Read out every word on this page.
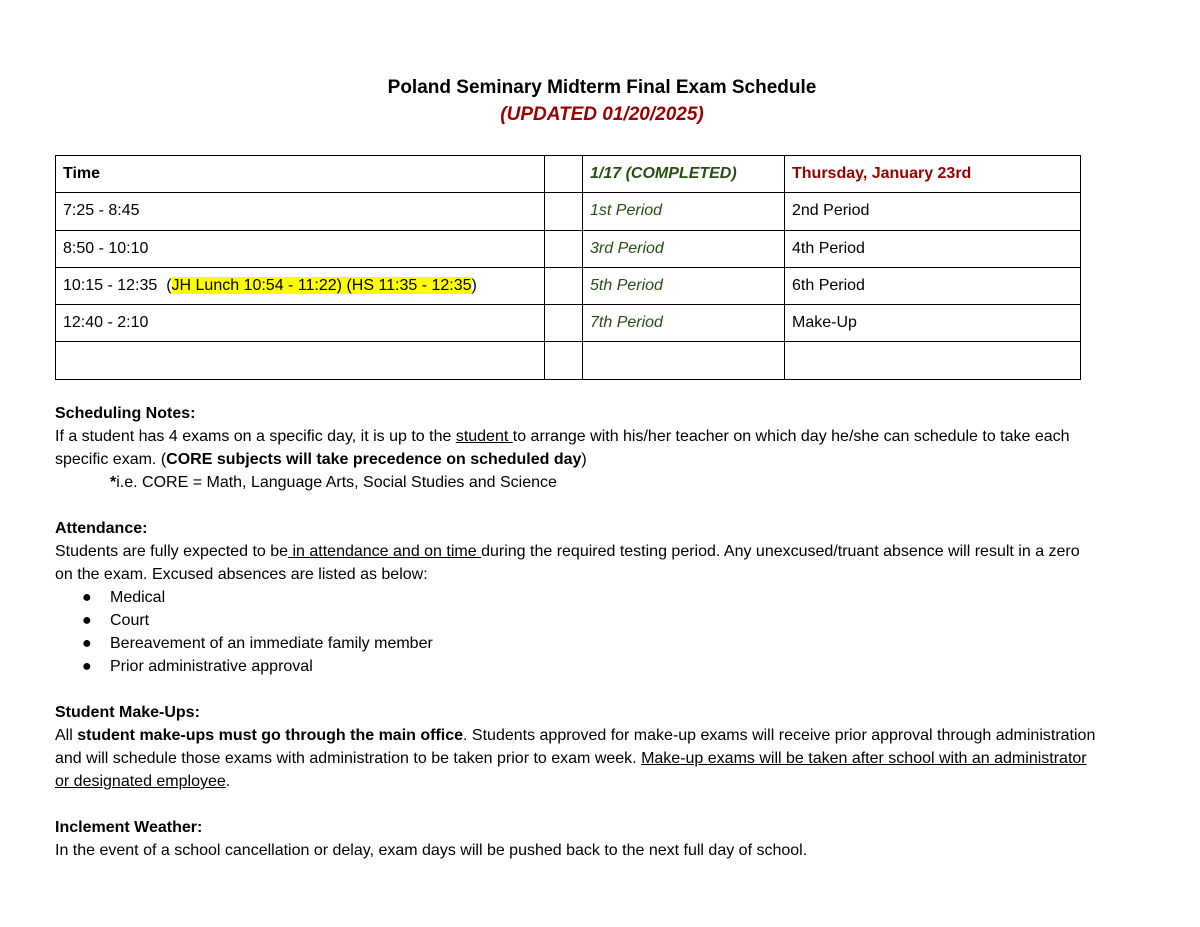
Poland Seminary Midterm Final Exam Schedule
(UPDATED 01/20/2025)
Time		1/17 (COMPLETED)	Thursday, January 23rd
7:25 - 8:45		1st Period	2nd Period
8:50 - 10:10		3rd Period	4th Period
10:15 - 12:35 (JH Lunch 10:54 - 11:22) (HS 11:35 - 12:35)		5th Period	6th Period
12:40 - 2:10		7th Period	Make-Up

Scheduling Notes:

If a student has 4 exams on a specific day, it is up to the student to arrange with his/her teacher on which day he/she can schedule to take each

specific exam. (CORE subjects will take precedence on scheduled day)

*i.e. CORE = Math, Language Arts, Social Studies and Science

Attendance:

Students are fully expected to be in attendance and on time during the required testing period. Any unexcused/truant absence will result in a zero

on the exam. Excused absences are listed as below:

● Medical
● Court
● Bereavement of an immediate family member
● Prior administrative approval

Student Make-Ups:

All student make-ups must go through the main office. Students approved for make-up exams will receive prior approval through administration

and will schedule those exams with administration to be taken prior to exam week. Make-up exams will be taken after school with an administrator

or designated employee.

Inclement Weather:

In the event of a school cancellation or delay, exam days will be pushed back to the next full day of school.
